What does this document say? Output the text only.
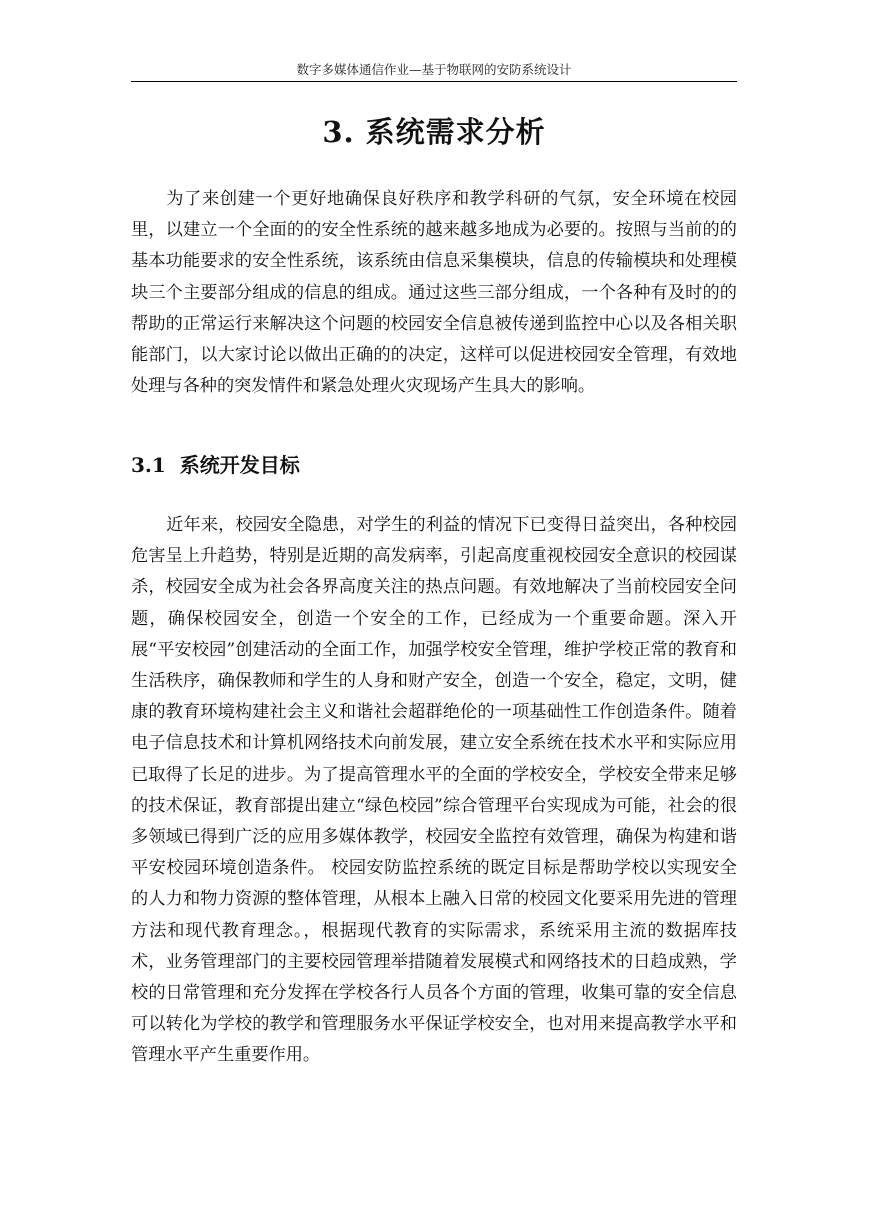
数字多媒体通信作业—基于物联网的安防系统设计
3. 系统需求分析

为了来创建一个更好地确保良好秩序和教学科研的气氛，安全环境在校园里，以建立一个全面的的安全性系统的越来越多地成为必要的。按照与当前的的基本功能要求的安全性系统，该系统由信息采集模块，信息的传输模块和处理模块三个主要部分组成的信息的组成。通过这些三部分组成，一个各种有及时的的帮助的正常运行来解决这个问题的校园安全信息被传递到监控中心以及各相关职能部门，以大家讨论以做出正确的的决定，这样可以促进校园安全管理，有效地处理与各种的突发情件和紧急处理火灾现场产生具大的影响。

3.1  系统开发目标

近年来，校园安全隐患，对学生的利益的情况下已变得日益突出，各种校园危害呈上升趋势，特别是近期的高发病率，引起高度重视校园安全意识的校园谋杀，校园安全成为社会各界高度关注的热点问题。有效地解决了当前校园安全问题，确保校园安全，创造一个安全的工作，已经成为一个重要命题。深入开展“平安校园”创建活动的全面工作，加强学校安全管理，维护学校正常的教育和生活秩序，确保教师和学生的人身和财产安全，创造一个安全，稳定，文明，健康的教育环境构建社会主义和谐社会超群绝伦的一项基础性工作创造条件。随着电子信息技术和计算机网络技术向前发展，建立安全系统在技术水平和实际应用已取得了长足的进步。为了提高管理水平的全面的学校安全，学校安全带来足够的技术保证，教育部提出建立“绿色校园”综合管理平台实现成为可能，社会的很多领域已得到广泛的应用多媒体教学，校园安全监控有效管理，确保为构建和谐平安校园环境创造条件。 校园安防监控系统的既定目标是帮助学校以实现安全的人力和物力资源的整体管理，从根本上融入日常的校园文化要采用先进的管理方法和现代教育理念。，根据现代教育的实际需求，系统采用主流的数据库技术，业务管理部门的主要校园管理举措随着发展模式和网络技术的日趋成熟，学校的日常管理和充分发挥在学校各行人员各个方面的管理，收集可靠的安全信息可以转化为学校的教学和管理服务水平保证学校安全，也对用来提高教学水平和管理水平产生重要作用。
